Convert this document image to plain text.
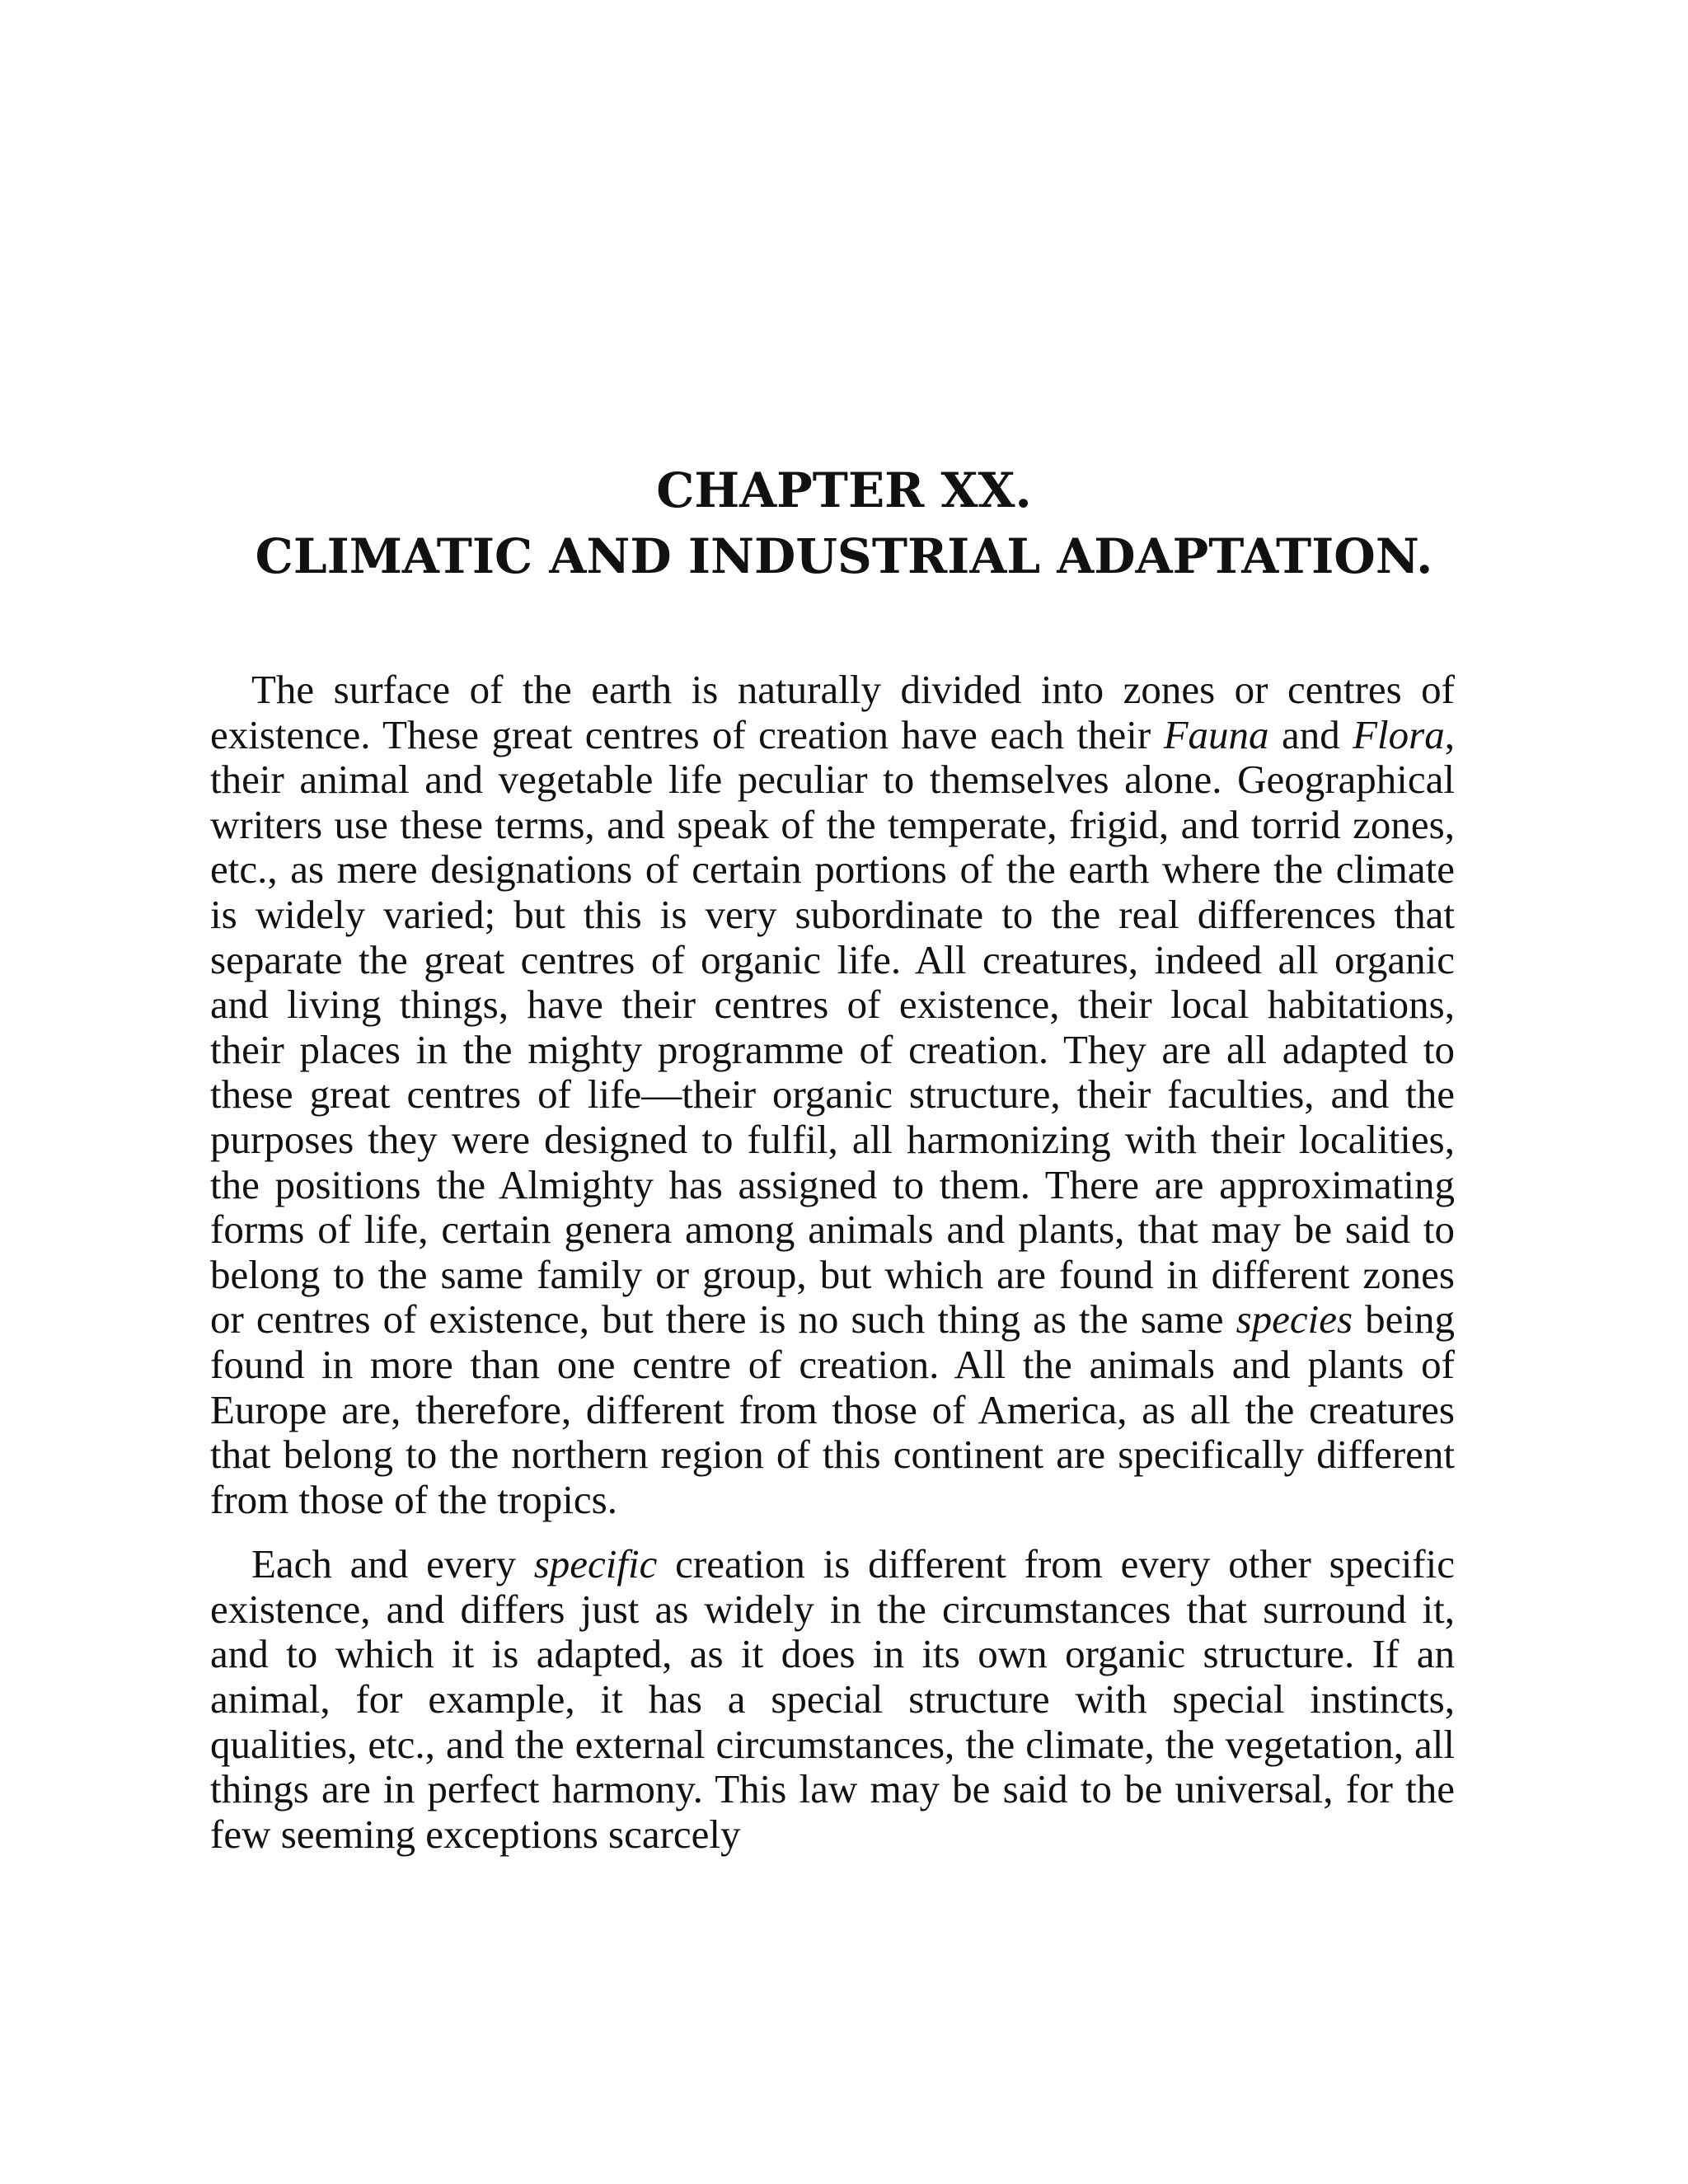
CHAPTER XX.
CLIMATIC AND INDUSTRIAL ADAPTATION.

The surface of the earth is naturally divided into zones or centres of existence. These great centres of creation have each their Fauna and Flora, their animal and vegetable life peculiar to themselves alone. Geographical writers use these terms, and speak of the temperate, frigid, and torrid zones, etc., as mere designations of certain portions of the earth where the climate is widely varied; but this is very subordinate to the real differences that separate the great centres of organic life. All creatures, indeed all organic and living things, have their centres of existence, their local habitations, their places in the mighty programme of creation. They are all adapted to these great centres of life—their organic structure, their faculties, and the purposes they were designed to fulfil, all harmonizing with their localities, the positions the Almighty has assigned to them. There are approximating forms of life, certain genera among animals and plants, that may be said to belong to the same family or group, but which are found in different zones or centres of existence, but there is no such thing as the same species being found in more than one centre of creation. All the animals and plants of Europe are, therefore, different from those of America, as all the creatures that belong to the northern region of this continent are specifically different from those of the tropics.

Each and every specific creation is different from every other specific existence, and differs just as widely in the circumstances that surround it, and to which it is adapted, as it does in its own organic structure. If an animal, for example, it has a special structure with special instincts, qualities, etc., and the external circumstances, the climate, the vegetation, all things are in perfect harmony. This law may be said to be universal, for the few seeming exceptions scarcely
